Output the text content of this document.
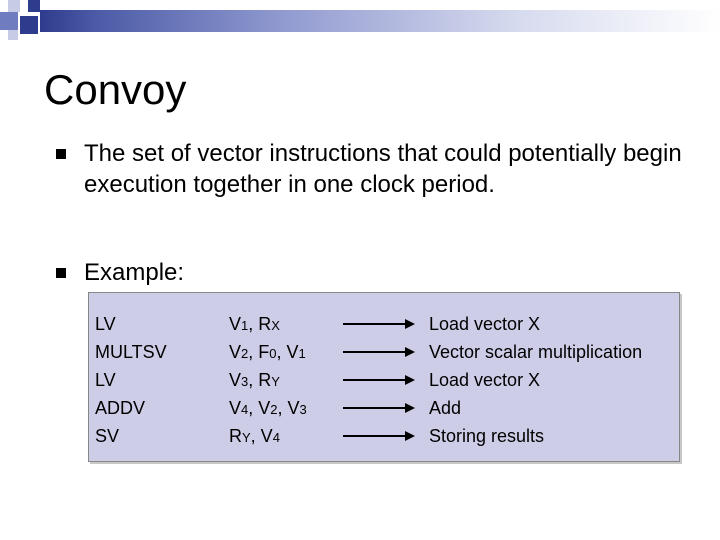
Convoy
The set of vector instructions that could potentially begin execution together in one clock period.
Example:
LV
MULTSV
LV
ADDV
SV
V1, RX
V2, F0, V1
V3, RY
V4, V2, V3
RY, V4
Load vector X
Vector scalar multiplication
Load vector X
Add
Storing results
